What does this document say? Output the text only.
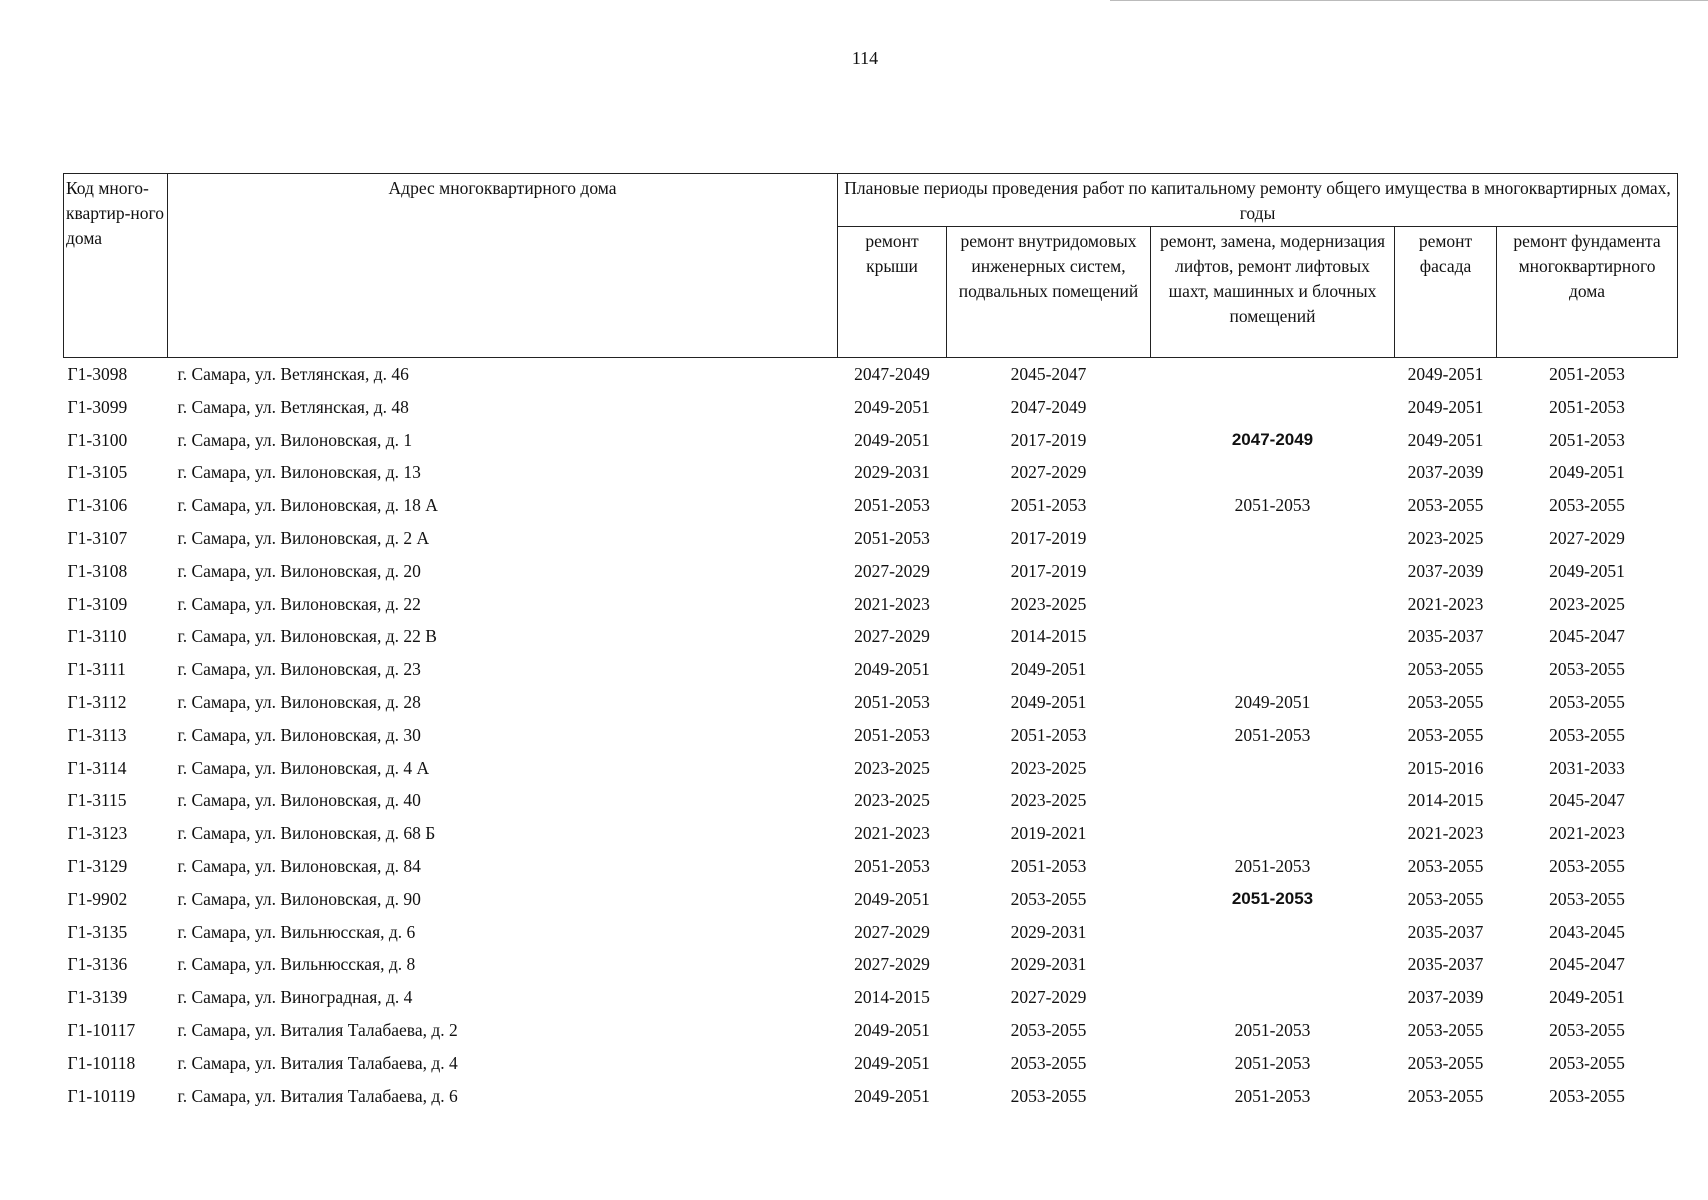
114
Код много-квартир-ного дома	Адрес многоквартирного дома	Плановые периоды проведения работ по капитальному ремонту общего имущества в многоквартирных домах, годы				
		ремонт крыши	ремонт внутридомовых инженерных систем, подвальных помещений	ремонт, замена, модернизация лифтов, ремонт лифтовых шахт, машинных и блочных помещений	ремонт фасада	ремонт фундамента многоквартирного дома
Г1-3098	г. Самара, ул. Ветлянская, д. 46	2047-2049	2045-2047		2049-2051	2051-2053
Г1-3099	г. Самара, ул. Ветлянская, д. 48	2049-2051	2047-2049		2049-2051	2051-2053
Г1-3100	г. Самара, ул. Вилоновская, д. 1	2049-2051	2017-2019	2047-2049	2049-2051	2051-2053
Г1-3105	г. Самара, ул. Вилоновская, д. 13	2029-2031	2027-2029		2037-2039	2049-2051
Г1-3106	г. Самара, ул. Вилоновская, д. 18 А	2051-2053	2051-2053	2051-2053	2053-2055	2053-2055
Г1-3107	г. Самара, ул. Вилоновская, д. 2 А	2051-2053	2017-2019		2023-2025	2027-2029
Г1-3108	г. Самара, ул. Вилоновская, д. 20	2027-2029	2017-2019		2037-2039	2049-2051
Г1-3109	г. Самара, ул. Вилоновская, д. 22	2021-2023	2023-2025		2021-2023	2023-2025
Г1-3110	г. Самара, ул. Вилоновская, д. 22 В	2027-2029	2014-2015		2035-2037	2045-2047
Г1-3111	г. Самара, ул. Вилоновская, д. 23	2049-2051	2049-2051		2053-2055	2053-2055
Г1-3112	г. Самара, ул. Вилоновская, д. 28	2051-2053	2049-2051	2049-2051	2053-2055	2053-2055
Г1-3113	г. Самара, ул. Вилоновская, д. 30	2051-2053	2051-2053	2051-2053	2053-2055	2053-2055
Г1-3114	г. Самара, ул. Вилоновская, д. 4 А	2023-2025	2023-2025		2015-2016	2031-2033
Г1-3115	г. Самара, ул. Вилоновская, д. 40	2023-2025	2023-2025		2014-2015	2045-2047
Г1-3123	г. Самара, ул. Вилоновская, д. 68 Б	2021-2023	2019-2021		2021-2023	2021-2023
Г1-3129	г. Самара, ул. Вилоновская, д. 84	2051-2053	2051-2053	2051-2053	2053-2055	2053-2055
Г1-9902	г. Самара, ул. Вилоновская, д. 90	2049-2051	2053-2055	2051-2053	2053-2055	2053-2055
Г1-3135	г. Самара, ул. Вильнюсская, д. 6	2027-2029	2029-2031		2035-2037	2043-2045
Г1-3136	г. Самара, ул. Вильнюсская, д. 8	2027-2029	2029-2031		2035-2037	2045-2047
Г1-3139	г. Самара, ул. Виноградная, д. 4	2014-2015	2027-2029		2037-2039	2049-2051
Г1-10117	г. Самара, ул. Виталия Талабаева, д. 2	2049-2051	2053-2055	2051-2053	2053-2055	2053-2055
Г1-10118	г. Самара, ул. Виталия Талабаева, д. 4	2049-2051	2053-2055	2051-2053	2053-2055	2053-2055
Г1-10119	г. Самара, ул. Виталия Талабаева, д. 6	2049-2051	2053-2055	2051-2053	2053-2055	2053-2055
